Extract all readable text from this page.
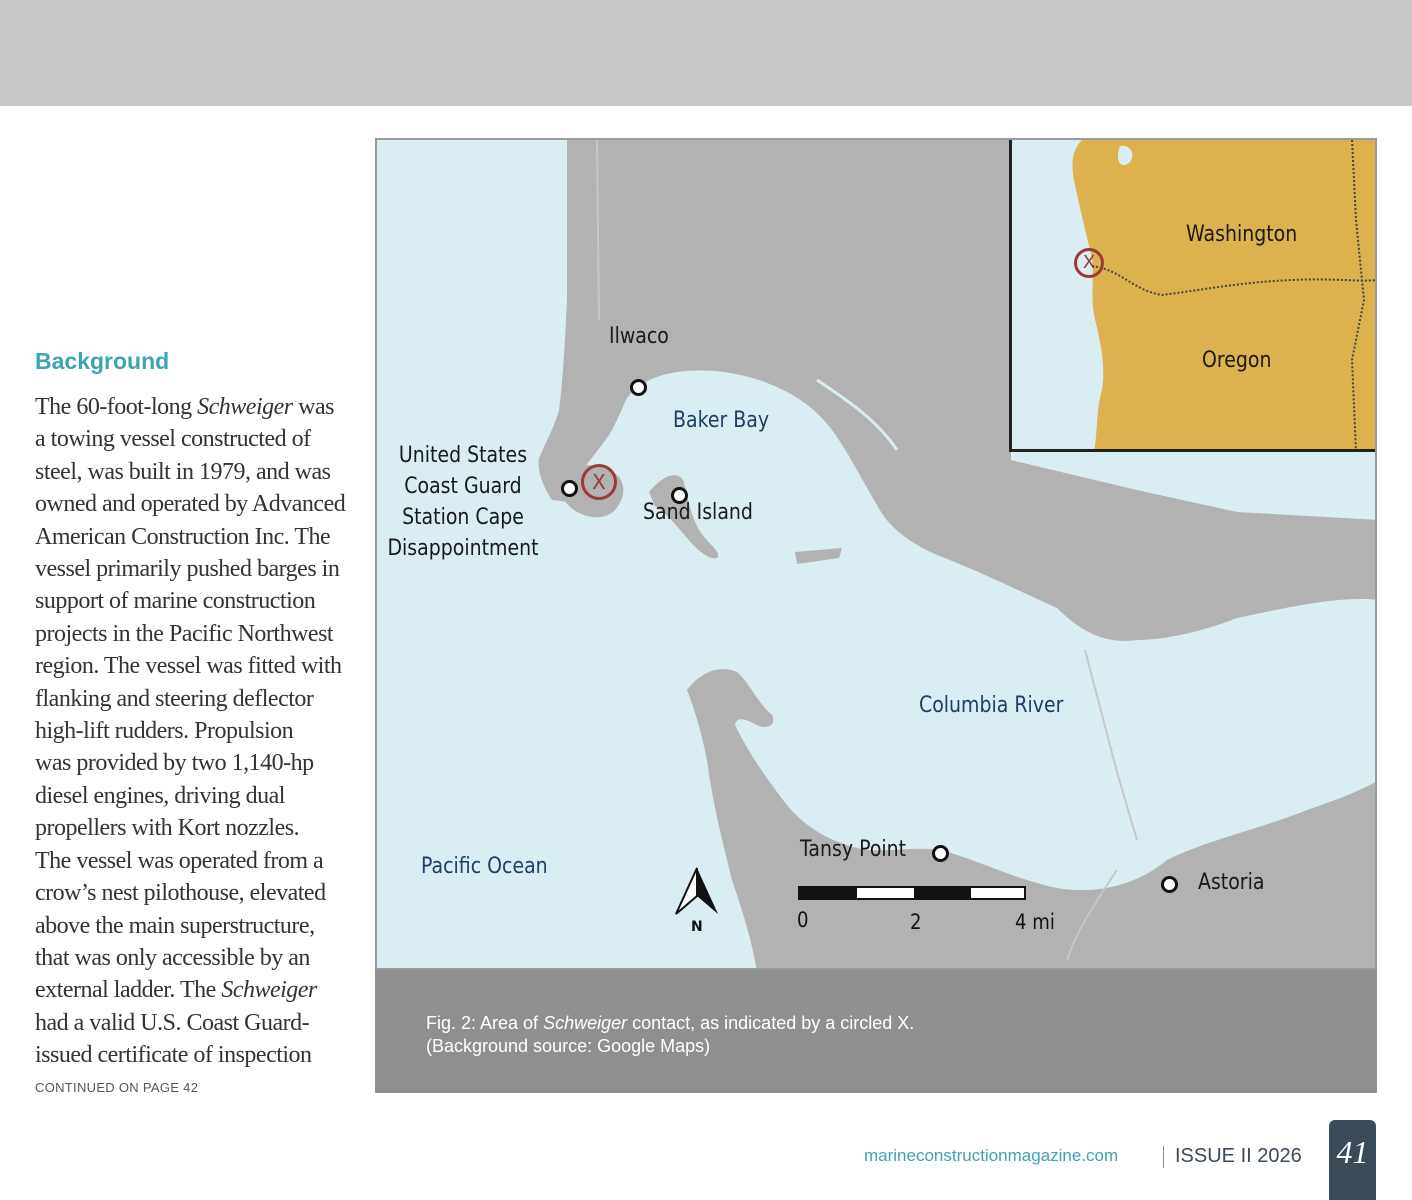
Background
The 60-foot-long Schweiger was
a towing vessel constructed of
steel, was built in 1979, and was
owned and operated by Advanced
American Construction Inc. The
vessel primarily pushed barges in
support of marine construction
projects in the Pacific Northwest
region. The vessel was fitted with
flanking and steering deflector
high-lift rudders. Propulsion
was provided by two 1,140-hp
diesel engines, driving dual
propellers with Kort nozzles.
The vessel was operated from a
crow’s nest pilothouse, elevated
above the main superstructure,
that was only accessible by an
external ladder. The Schweiger
had a valid U.S. Coast Guard-
issued certificate of inspection
CONTINUED ON PAGE 42
Washington
Oregon
X
X
Ilwaco
Baker Bay
United States
Coast Guard
Station Cape
Disappointment
Sand Island
Columbia River
Pacific Ocean
Tansy Point
Astoria
N	0	2	4 mi
Fig. 2: Area of Schweiger contact, as indicated by a circled X.
(Background source: Google Maps)
marineconstructionmagazine.com	ISSUE II 2026 41
